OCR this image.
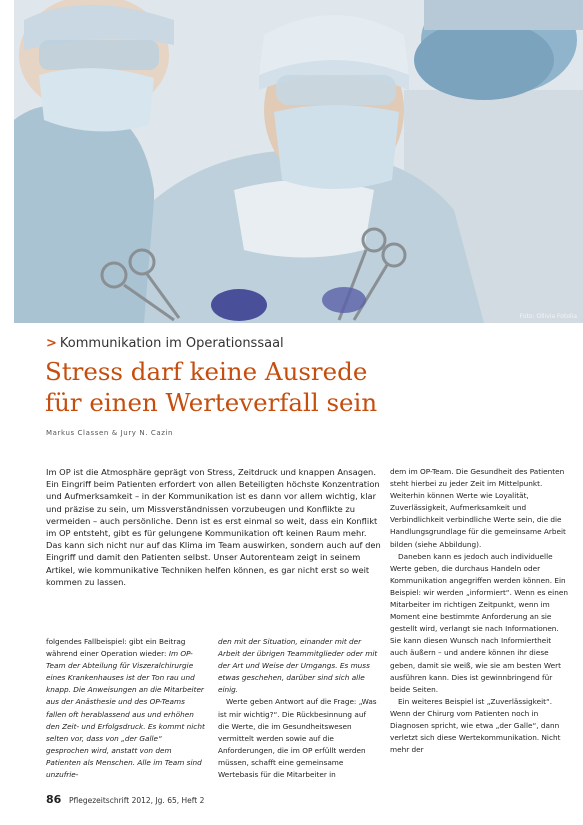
Foto: Ollivia Fotolia
> Kommunikation im Operationssaal
Stress darf keine Ausrede
für einen Werteverfall sein
Markus Classen & Jury N. Cazin

Im OP ist die Atmosphäre geprägt von Stress, Zeitdruck und knappen Ansagen. Ein Eingriff beim Patienten erfordert von allen Beteiligten höchste Konzentration und Aufmerksamkeit – in der Kommunikation ist es dann vor allem wichtig, klar und präzise zu sein, um Missverständnissen vorzubeugen und Konflikte zu vermeiden – auch persönliche. Denn ist es erst einmal so weit, dass ein Konflikt im OP entsteht, gibt es für gelungene Kommunikation oft keinen Raum mehr. Das kann sich nicht nur auf das Klima im Team auswirken, sondern auch auf den Eingriff und damit den Patienten selbst. Unser Autorenteam zeigt in seinem Artikel, wie kommunikative Techniken helfen können, es gar nicht erst so weit kommen zu lassen.

dem im OP-Team. Die Gesundheit des Patienten steht hierbei zu jeder Zeit im Mittelpunkt. Weiterhin können Werte wie Loyalität, Zuverlässigkeit, Aufmerksamkeit und Verbindlichkeit verbindliche Werte sein, die die Handlungsgrundlage für die gemeinsame Arbeit bilden (siehe Abbildung).

Daneben kann es jedoch auch individuelle Werte geben, die durchaus Handeln oder Kommunikation angegriffen werden können. Ein Beispiel: wir werden „informiert“. Wenn es einen Mitarbeiter im richtigen Zeitpunkt, wenn im Moment eine bestimmte Anforderung an sie gestellt wird, verlangt sie nach Informationen. Sie kann diesen Wunsch nach Informiertheit auch äußern – und andere können ihr diese geben, damit sie weiß, wie sie am besten Wert ausführen kann. Dies ist gewinnbringend für beide Seiten.

Ein weiteres Beispiel ist „Zuverlässigkeit“. Wenn der Chirurg vom Patienten noch in Diagnosen spricht, wie etwa „der Galle“, dann verletzt sich diese Wertekommunikation. Nicht mehr der

folgendes Fallbeispiel: gibt ein Beitrag während einer Operation wieder: Im OP-Team der Abteilung für Viszeralchirurgie eines Krankenhauses ist der Ton rau und knapp. Die Anweisungen an die Mitarbeiter aus der Anästhesie und des OP-Teams fallen oft herablassend aus und erhöhen den Zeit- und Erfolgsdruck. Es kommt nicht selten vor, dass von „der Galle“ gesprochen wird, anstatt von dem Patienten als Menschen. Alle im Team sind unzufrie-

den mit der Situation, einander mit der Arbeit der übrigen Teammitglieder oder mit der Art und Weise der Umgangs. Es muss etwas geschehen, darüber sind sich alle einig.

Werte geben Antwort auf die Frage: „Was ist mir wichtig?“. Die Rückbesinnung auf die Werte, die im Gesundheitswesen vermittelt werden sowie auf die Anforderungen, die im OP erfüllt werden müssen, schafft eine gemeinsame Wertebasis für die Mitarbeiter in

86 Pflegezeitschrift 2012, Jg. 65, Heft 2
